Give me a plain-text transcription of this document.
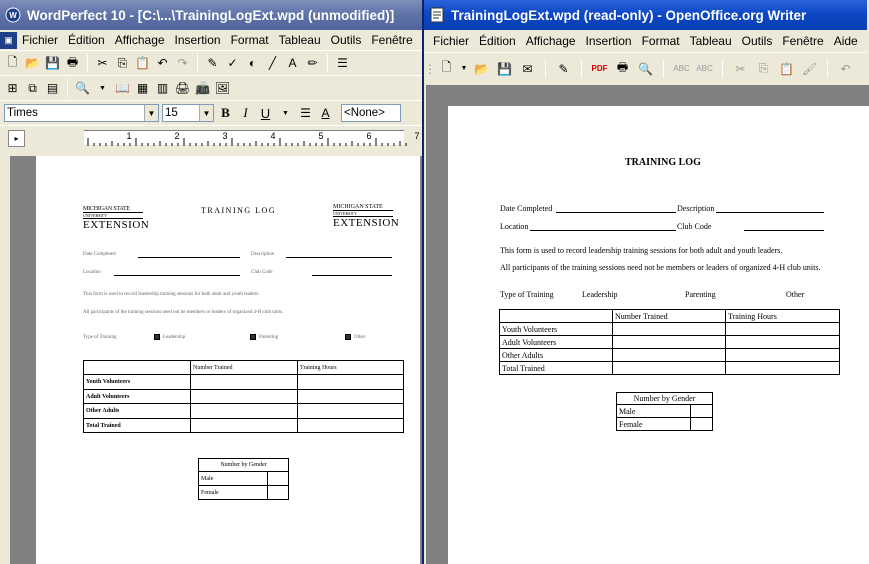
W WordPerfect 10 - [C:\...\TrainingLogExt.wpd (unmodified)]
▣ Fichier Édition Affichage Insertion Format Tableau Outils Fenêtre
🗋 📂 💾 🖶 ✂ ⎘ 📋 ↶ ↷ ✎ ✓ ◐	╱	A ✏ ☰
⊞ ⧉ ▤ 🔍	▼ 📖 ▦ ▥ 🖨 📠 🖼
Times	▼ 15	▼ B	I	U	▼ ☰ A	<None>
▸	1	2	3	4	5	6	7
MICHIGAN STATE
UNIVERSITY
EXTENSION
MICHIGAN STATE
UNIVERSITY
EXTENSION
TRAINING LOG
Date Completed	Description
Location	Club Code
This form is used to record leadership training sessions for both adult and youth leaders.
All participants of the training sessions need not be members or leaders of organized 4-H club units.
Type of Training	Leadership	Parenting	Other
	Number Trained	Training Hours
Youth Volunteers		
Adult Volunteers		
Other Adults		
Total Trained		
Number by Gender	
Male	
Female	
TrainingLogExt.wpd (read-only) - OpenOffice.org Writer
Fichier Édition Affichage Insertion Format Tableau Outils Fenêtre Aide
⋮ 🗋	▼ 📂 💾 ✉ ✎	PDF 🖶 🔍	ABC ABC ✂	⎘ 📋 🖌 ↶
TRAINING LOG
Date Completed	Description
Location	Club Code
This form is used to record leadership training sessions for both adult and youth leaders.
All participants of the training sessions need not be members or leaders of organized 4-H club units.
Type of Training	Leadership	Parenting	Other
	Number Trained	Training Hours
Youth Volunteers		
Adult Volunteers		
Other Adults		
Total Trained		
Number by Gender	
Male	
Female	
